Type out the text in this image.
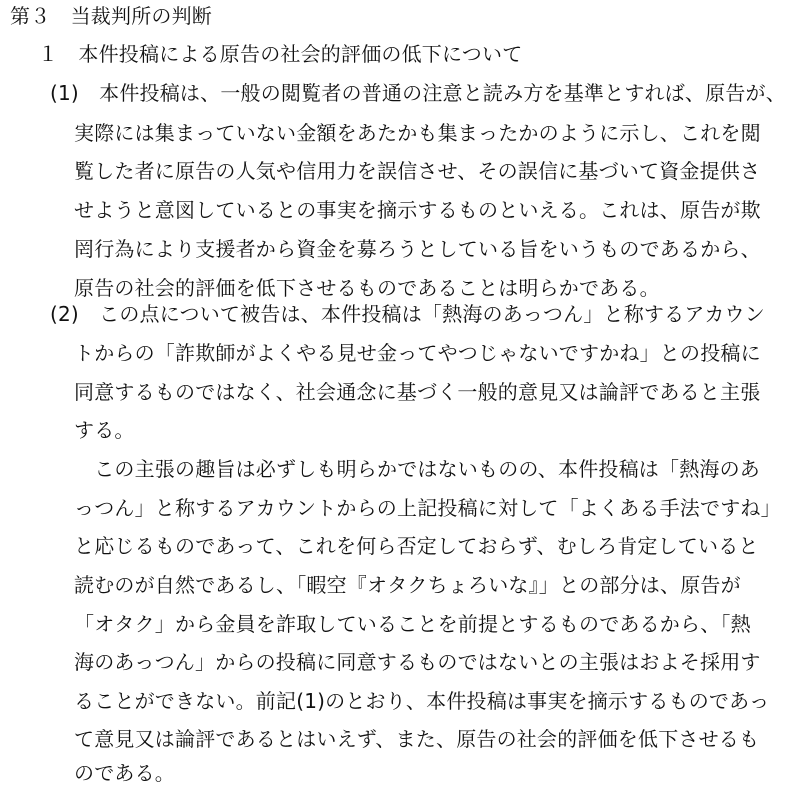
第３　当裁判所の判断

１　本件投稿による原告の社会的評価の低下について

(1)　本件投稿は、一般の閲覧者の普通の注意と読み方を基準とすれば、原告が、

実際には集まっていない金額をあたかも集まったかのように示し、これを閲

覧した者に原告の人気や信用力を誤信させ、その誤信に基づいて資金提供さ

せようと意図しているとの事実を摘示するものといえる。これは、原告が欺

罔行為により支援者から資金を募ろうとしている旨をいうものであるから、

原告の社会的評価を低下させるものであることは明らかである。

(2)　この点について被告は、本件投稿は「熱海のあっつん」と称するアカウン

トからの「詐欺師がよくやる見せ金ってやつじゃないですかね」との投稿に

同意するものではなく、社会通念に基づく一般的意見又は論評であると主張

する。

　この主張の趣旨は必ずしも明らかではないものの、本件投稿は「熱海のあ

っつん」と称するアカウントからの上記投稿に対して「よくある手法ですね」

と応じるものであって、これを何ら否定しておらず、むしろ肯定していると

読むのが自然であるし、「暇空『オタクちょろいな』」との部分は、原告が

「オタク」から金員を詐取していることを前提とするものであるから、「熱

海のあっつん」からの投稿に同意するものではないとの主張はおよそ採用す

ることができない。前記(1)のとおり、本件投稿は事実を摘示するものであっ

て意見又は論評であるとはいえず、また、原告の社会的評価を低下させるも

のである。
